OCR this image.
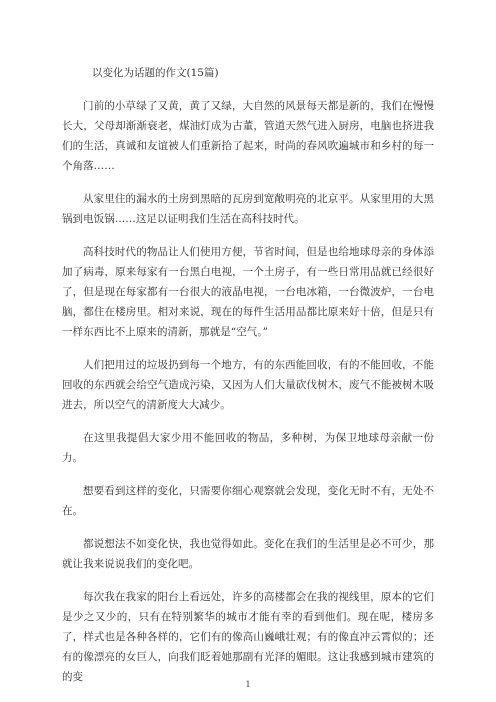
以变化为话题的作文(15篇)

门前的小草绿了又黄，黄了又绿，大自然的风景每天都是新的，我们在慢慢长大，父母却渐渐衰老，煤油灯成为古董，管道天然气进入厨房，电脑也挤进我们的生活，真诚和友谊被人们重新拾了起来，时尚的春风吹遍城市和乡村的每一个角落……

从家里住的漏水的土房到黑暗的瓦房到宽敞明亮的北京平。从家里用的大黑锅到电饭锅……这足以证明我们生活在高科技时代。

高科技时代的物品让人们使用方便，节省时间，但是也给地球母亲的身体添加了病毒，原来每家有一台黑白电视，一个土房子，有一些日常用品就已经很好了，但是现在每家都有一台很大的液晶电视，一台电冰箱，一台微波炉，一台电脑，都住在楼房里。相对来说，现在的每件生活用品都比原来好十倍，但是只有一样东西比不上原来的清新，那就是“空气。”

人们把用过的垃圾扔到每一个地方，有的东西能回收，有的不能回收，不能回收的东西就会给空气造成污染，又因为人们大量砍伐树木，废气不能被树木吸进去，所以空气的清新度大大减少。

在这里我提倡大家少用不能回收的物品，多种树，为保卫地球母亲献一份力。

想要看到这样的变化，只需要你细心观察就会发现，变化无时不有，无处不在。

都说想法不如变化快，我也觉得如此。变化在我们的生活里是必不可少，那就让我来说说我们的变化吧。

每次我在我家的阳台上看远处，许多的高楼都会在我的视线里，原本的它们是少之又少的，只有在特别繁华的城市才能有幸的看到他们。现在呢，楼房多了，样式也是各种各样的，它们有的像高山巍峨壮观；有的像直冲云霄似的；还有的像漂亮的女巨人，向我们眨着她那副有光泽的媚眼。这让我感到城市建筑的的变

1
